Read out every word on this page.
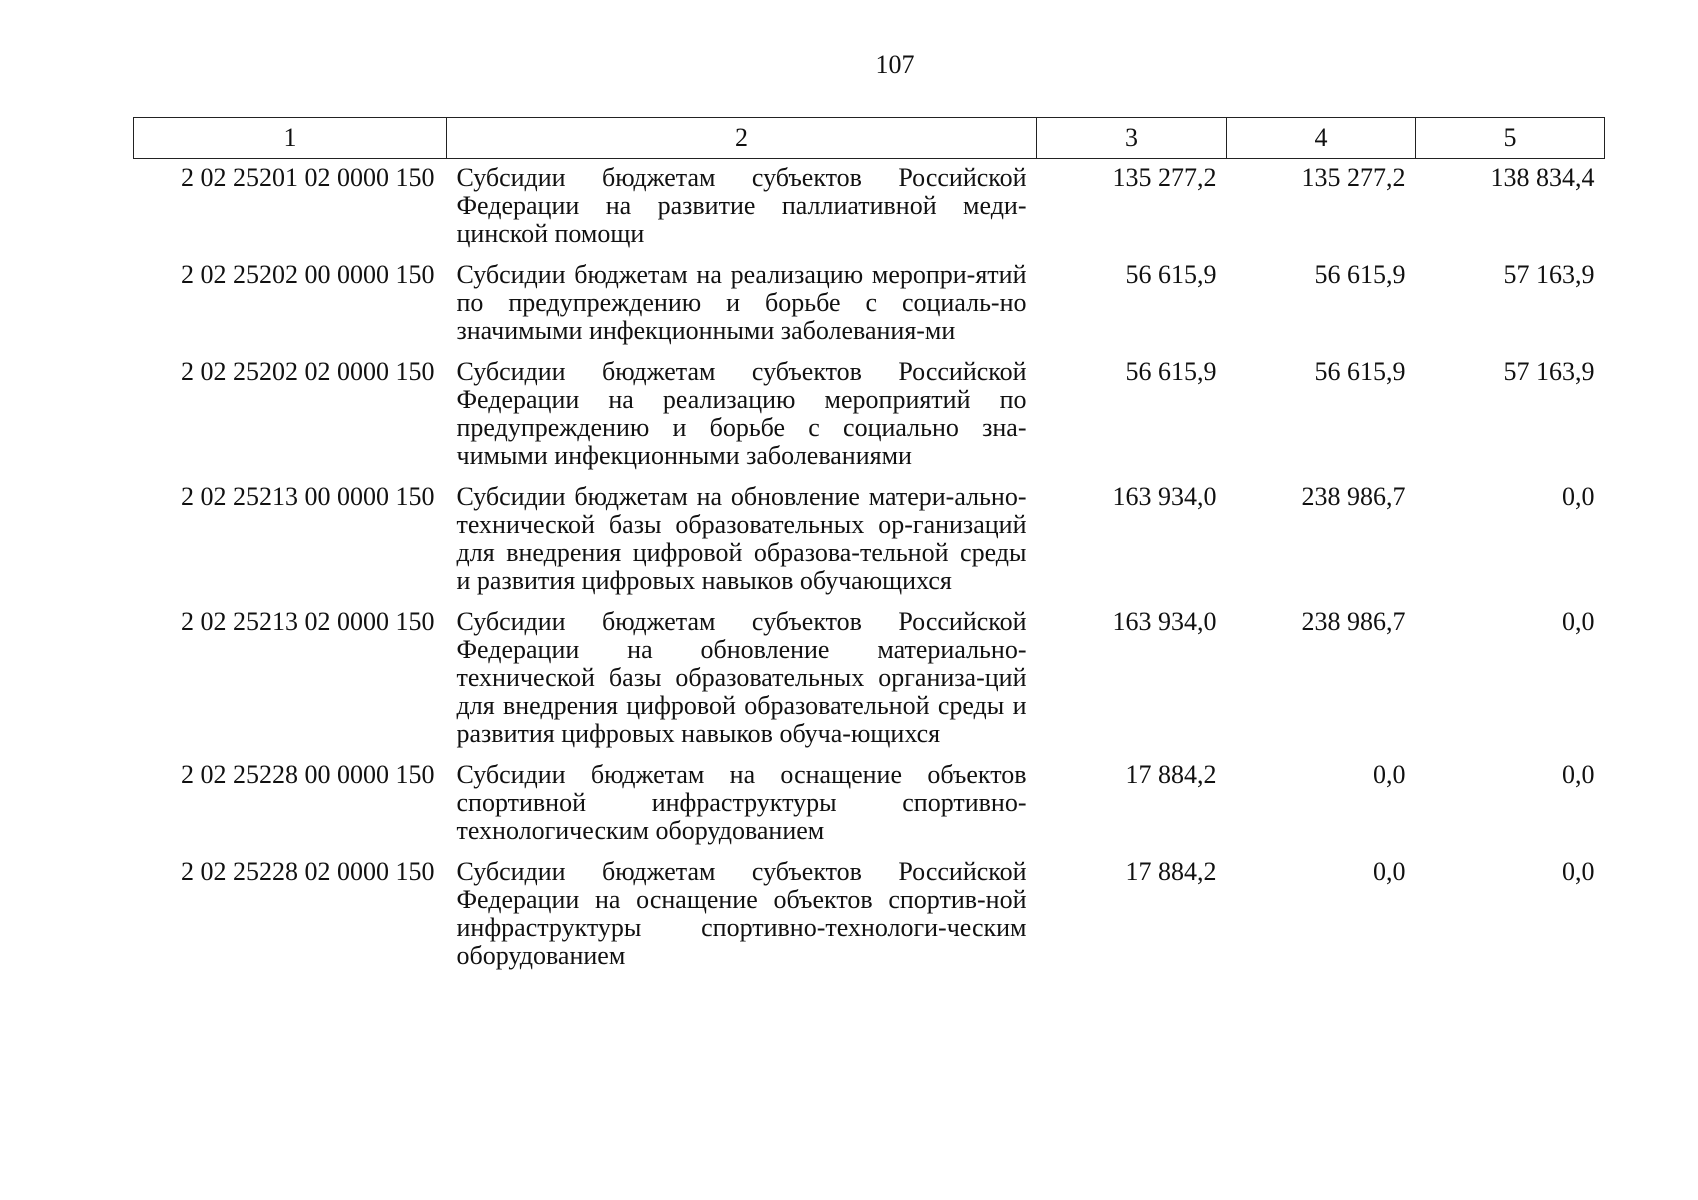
107
1	2	3	4	5
2 02 25201 02 0000 150	Субсидии бюджетам субъектов Российской Федерации на развитие паллиативной меди-цинской помощи	135 277,2	135 277,2	138 834,4
2 02 25202 00 0000 150	Субсидии бюджетам на реализацию меропри-ятий по предупреждению и борьбе с социаль-но значимыми инфекционными заболевания-ми	56 615,9	56 615,9	57 163,9
2 02 25202 02 0000 150	Субсидии бюджетам субъектов Российской Федерации на реализацию мероприятий по предупреждению и борьбе с социально зна-чимыми инфекционными заболеваниями	56 615,9	56 615,9	57 163,9
2 02 25213 00 0000 150	Субсидии бюджетам на обновление матери-ально-технической базы образовательных ор-ганизаций для внедрения цифровой образова-тельной среды и развития цифровых навыков обучающихся	163 934,0	238 986,7	0,0
2 02 25213 02 0000 150	Субсидии бюджетам субъектов Российской Федерации на обновление материально-технической базы образовательных организа-ций для внедрения цифровой образовательной среды и развития цифровых навыков обуча-ющихся	163 934,0	238 986,7	0,0
2 02 25228 00 0000 150	Субсидии бюджетам на оснащение объектов спортивной инфраструктуры спортивно-технологическим оборудованием	17 884,2	0,0	0,0
2 02 25228 02 0000 150	Субсидии бюджетам субъектов Российской Федерации на оснащение объектов спортив-ной инфраструктуры спортивно-технологи-ческим оборудованием	17 884,2	0,0	0,0
